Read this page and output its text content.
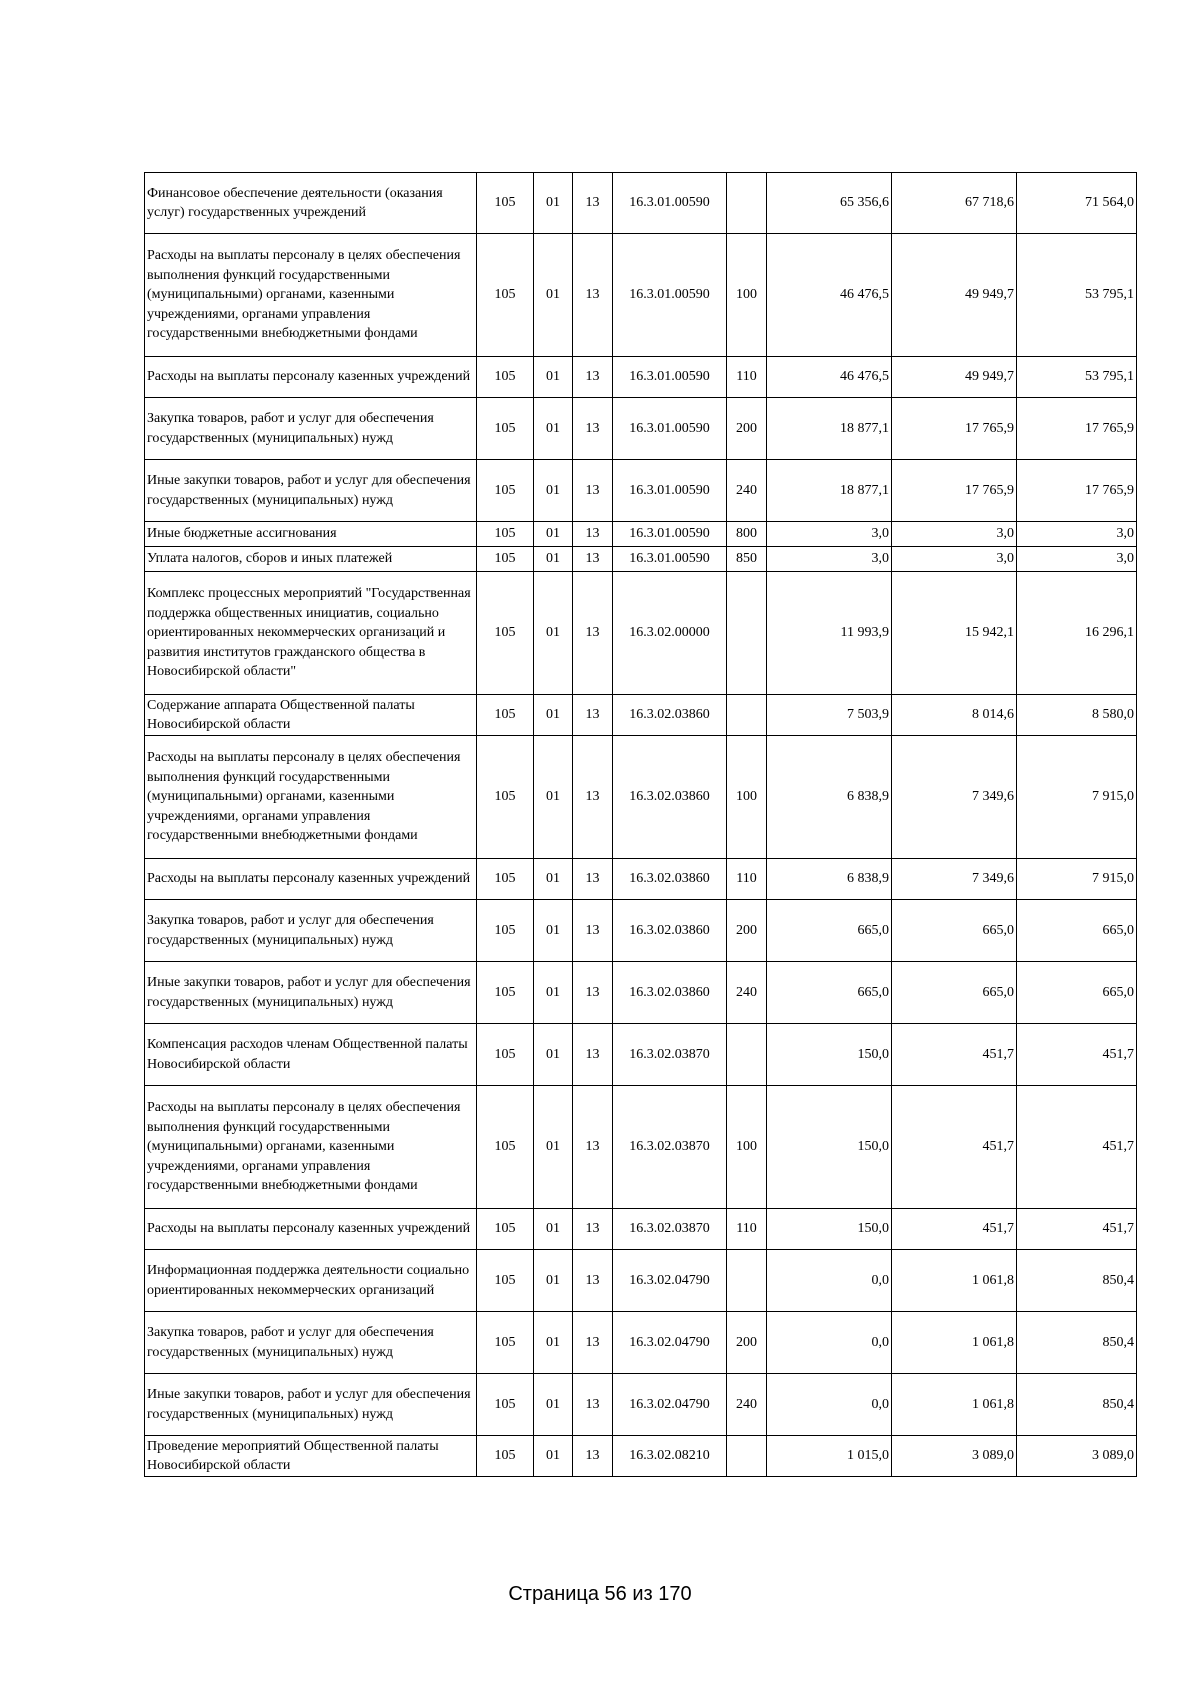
Финансовое обеспечение деятельности (оказания услуг) государственных учреждений	105	01	13	16.3.01.00590		65 356,6	67 718,6	71 564,0
Расходы на выплаты персоналу в целях обеспечения выполнения функций государственными (муниципальными) органами, казенными учреждениями, органами управления государственными внебюджетными фондами	105	01	13	16.3.01.00590	100	46 476,5	49 949,7	53 795,1
Расходы на выплаты персоналу казенных учреждений	105	01	13	16.3.01.00590	110	46 476,5	49 949,7	53 795,1
Закупка товаров, работ и услуг для обеспечения государственных (муниципальных) нужд	105	01	13	16.3.01.00590	200	18 877,1	17 765,9	17 765,9
Иные закупки товаров, работ и услуг для обеспечения государственных (муниципальных) нужд	105	01	13	16.3.01.00590	240	18 877,1	17 765,9	17 765,9
Иные бюджетные ассигнования	105	01	13	16.3.01.00590	800	3,0	3,0	3,0
Уплата налогов, сборов и иных платежей	105	01	13	16.3.01.00590	850	3,0	3,0	3,0
Комплекс процессных мероприятий "Государственная поддержка общественных инициатив, социально ориентированных некоммерческих организаций и развития институтов гражданского общества в Новосибирской области"	105	01	13	16.3.02.00000		11 993,9	15 942,1	16 296,1
Содержание аппарата Общественной палаты Новосибирской области	105	01	13	16.3.02.03860		7 503,9	8 014,6	8 580,0
Расходы на выплаты персоналу в целях обеспечения выполнения функций государственными (муниципальными) органами, казенными учреждениями, органами управления государственными внебюджетными фондами	105	01	13	16.3.02.03860	100	6 838,9	7 349,6	7 915,0
Расходы на выплаты персоналу казенных учреждений	105	01	13	16.3.02.03860	110	6 838,9	7 349,6	7 915,0
Закупка товаров, работ и услуг для обеспечения государственных (муниципальных) нужд	105	01	13	16.3.02.03860	200	665,0	665,0	665,0
Иные закупки товаров, работ и услуг для обеспечения государственных (муниципальных) нужд	105	01	13	16.3.02.03860	240	665,0	665,0	665,0
Компенсация расходов членам Общественной палаты Новосибирской области	105	01	13	16.3.02.03870		150,0	451,7	451,7
Расходы на выплаты персоналу в целях обеспечения выполнения функций государственными (муниципальными) органами, казенными учреждениями, органами управления государственными внебюджетными фондами	105	01	13	16.3.02.03870	100	150,0	451,7	451,7
Расходы на выплаты персоналу казенных учреждений	105	01	13	16.3.02.03870	110	150,0	451,7	451,7
Информационная поддержка деятельности социально ориентированных некоммерческих организаций	105	01	13	16.3.02.04790		0,0	1 061,8	850,4
Закупка товаров, работ и услуг для обеспечения государственных (муниципальных) нужд	105	01	13	16.3.02.04790	200	0,0	1 061,8	850,4
Иные закупки товаров, работ и услуг для обеспечения государственных (муниципальных) нужд	105	01	13	16.3.02.04790	240	0,0	1 061,8	850,4
Проведение мероприятий Общественной палаты Новосибирской области	105	01	13	16.3.02.08210		1 015,0	3 089,0	3 089,0
Страница 56 из 170
